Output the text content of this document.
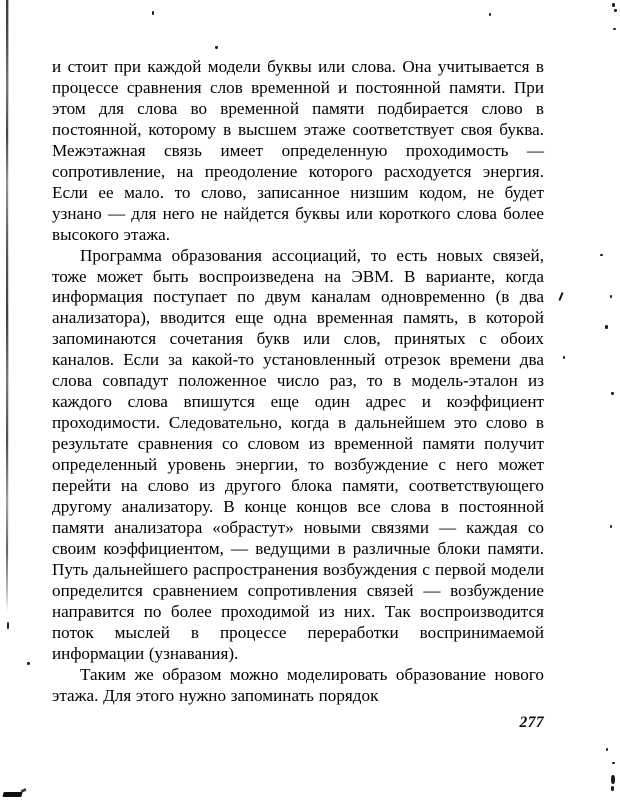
и стоит при каждой модели буквы или слова. Она учитывается в процессе сравнения слов временной и постоянной памяти. При этом для слова во временной памяти подбирается слово в постоянной, которому в высшем этаже соответствует своя буква. Межэтажная связь имеет определенную проходимость — сопротивление, на преодоление которого расходуется энергия. Если ее мало. то слово, записанное низшим кодом, не будет узнано — для него не найдется буквы или короткого слова более высокого этажа.

Программа образования ассоциаций, то есть новых связей, тоже может быть воспроизведена на ЭВМ. В варианте, когда информация поступает по двум каналам одновременно (в два анализатора), вводится еще одна временная память, в которой запоминаются сочетания букв или слов, принятых с обоих каналов. Если за какой-то установленный отрезок времени два слова совпадут положенное число раз, то в модель-эталон из каждого слова впишутся еще один адрес и коэффициент проходимости. Следовательно, когда в дальнейшем это слово в результате сравнения со словом из временной памяти получит определенный уровень энергии, то возбуждение с него может перейти на слово из другого блока памяти, соответствующего другому анализатору. В конце концов все слова в постоянной памяти анализатора «обрастут» новыми связями — каждая со своим коэффициентом, — ведущими в различные блоки памяти. Путь дальнейшего распространения возбуждения с первой модели определится сравнением сопротивления связей — возбуждение направится по более проходимой из них. Так воспроизводится поток мыслей в процессе переработки воспринимаемой информации (узнавания).

Таким же образом можно моделировать образование нового этажа. Для этого нужно запоминать порядок

277
